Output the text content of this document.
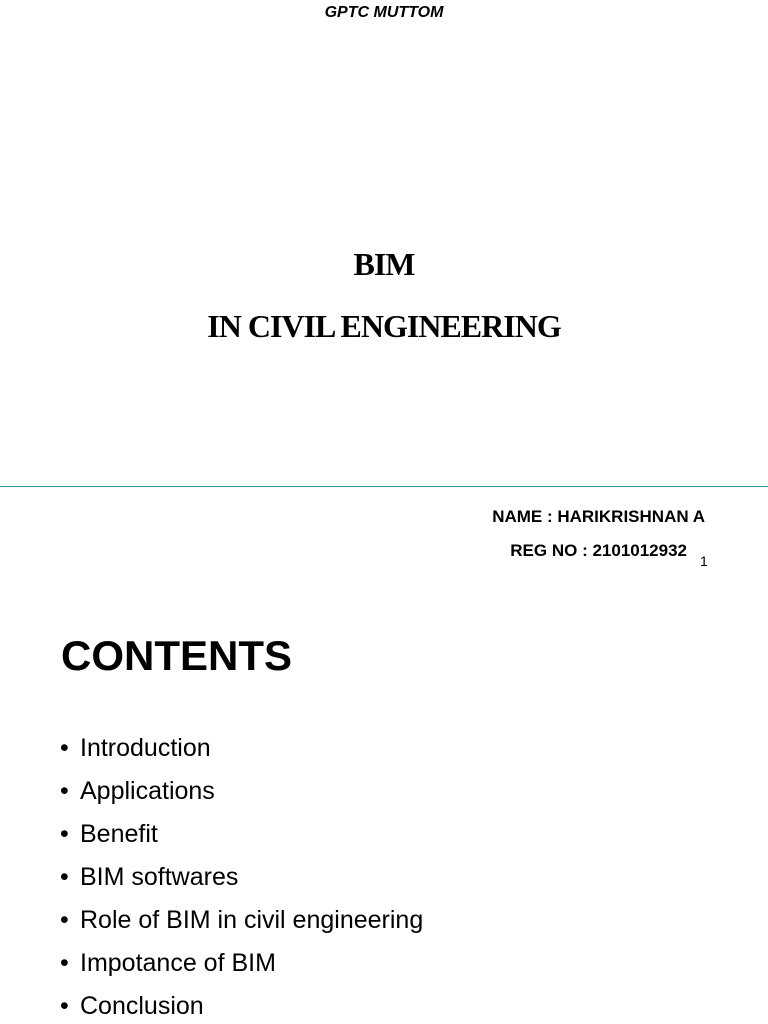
GPTC MUTTOM
BIM
IN CIVIL ENGINEERING
NAME : HARIKRISHNAN A
REG NO : 2101012932
1
CONTENTS
• Introduction
• Applications
• Benefit
• BIM softwares
• Role of BIM in civil engineering
• Impotance of BIM
• Conclusion
